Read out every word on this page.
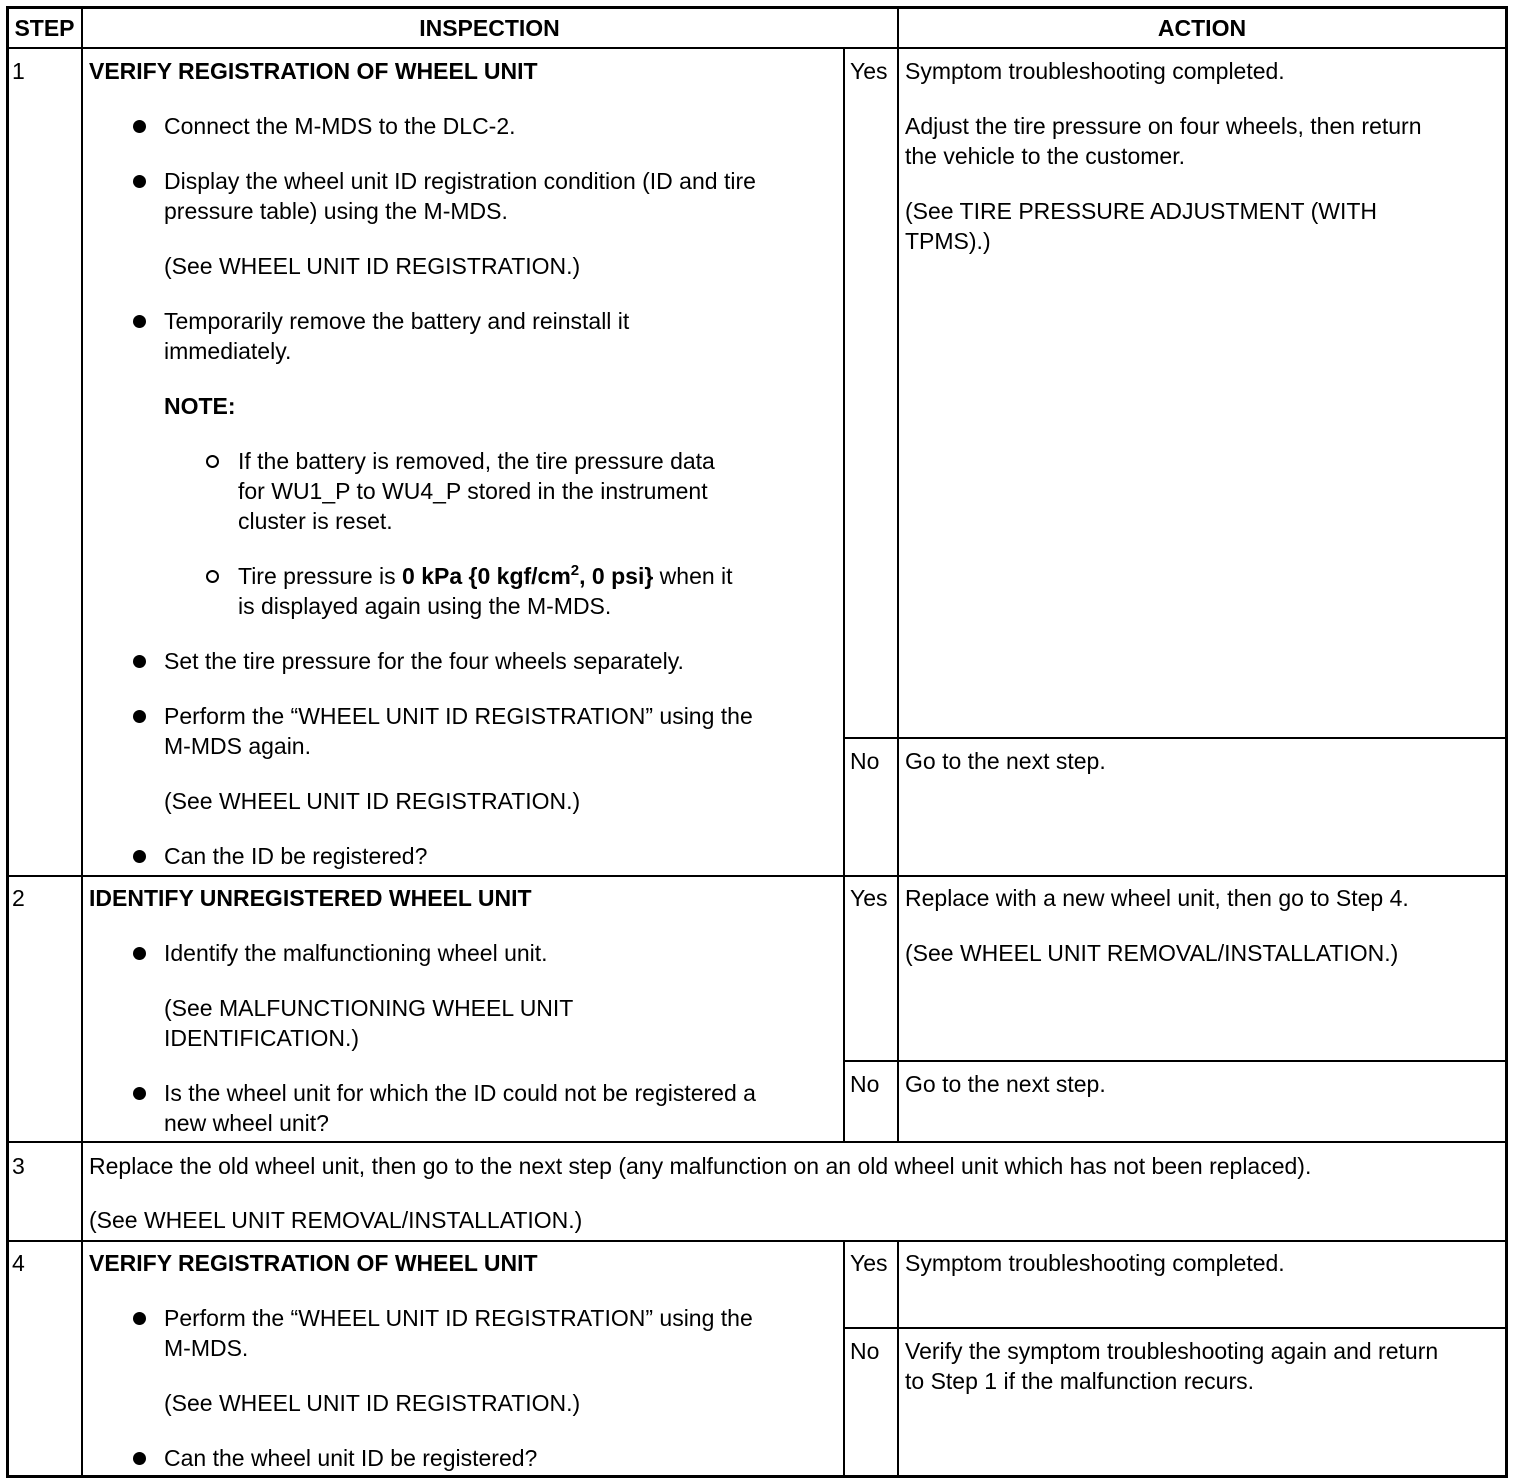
STEP	INSPECTION	ACTION
1	VERIFY REGISTRATION OF WHEEL UNIT
Connect the M-MDS to the DLC-2.
Display the wheel unit ID registration condition (ID and tire
pressure table) using the M-MDS.
(See WHEEL UNIT ID REGISTRATION.)
Temporarily remove the battery and reinstall it
immediately.
NOTE:
If the battery is removed, the tire pressure data
for WU1_P to WU4_P stored in the instrument
cluster is reset.
Tire pressure is 0 kPa {0 kgf/$cm^2$, 0 psi} when it
is displayed again using the M-MDS.
Set the tire pressure for the four wheels separately.
Perform the “WHEEL UNIT ID REGISTRATION” using the
M-MDS again.
(See WHEEL UNIT ID REGISTRATION.)
Can the ID be registered?
Yes Symptom troubleshooting completed.
Adjust the tire pressure on four wheels, then return
the vehicle to the customer.
(See TIRE PRESSURE ADJUSTMENT (WITH
TPMS).)
No Go to the next step.
2	IDENTIFY UNREGISTERED WHEEL UNIT
Identify the malfunctioning wheel unit.
(See MALFUNCTIONING WHEEL UNIT
IDENTIFICATION.)
Is the wheel unit for which the ID could not be registered a
new wheel unit?
Yes Replace with a new wheel unit, then go to Step 4.
(See WHEEL UNIT REMOVAL/INSTALLATION.)
No Go to the next step.
3	Replace the old wheel unit, then go to the next step (any malfunction on an old wheel unit which has not been replaced).
(See WHEEL UNIT REMOVAL/INSTALLATION.)
4	VERIFY REGISTRATION OF WHEEL UNIT
Perform the “WHEEL UNIT ID REGISTRATION” using the
M-MDS.
(See WHEEL UNIT ID REGISTRATION.)
Can the wheel unit ID be registered?
Yes Symptom troubleshooting completed.
No Verify the symptom troubleshooting again and return
to Step 1 if the malfunction recurs.
